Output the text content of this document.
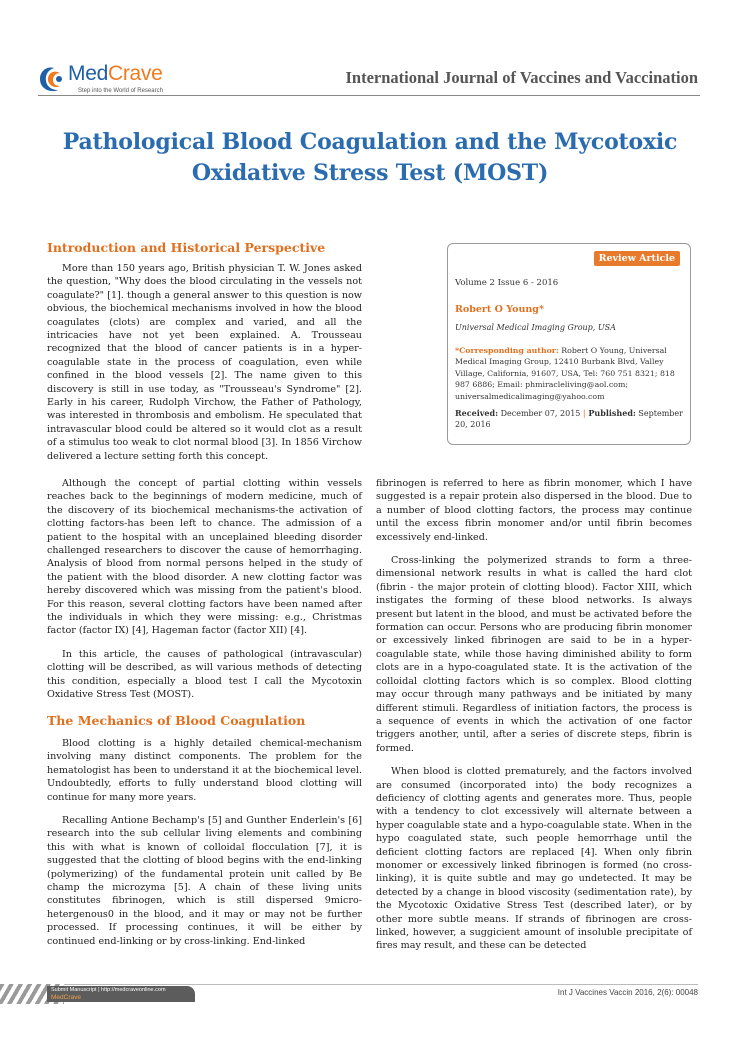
MedCrave
Step into the World of Research
International Journal of Vaccines and Vaccination
Pathological Blood Coagulation and the Mycotoxic Oxidative Stress Test (MOST)
Introduction and Historical Perspective

More than 150 years ago, British physician T. W. Jones asked the question, "Why does the blood circulating in the vessels not coagulate?" [1]. though a general answer to this question is now obvious, the biochemical mechanisms involved in how the blood coagulates (clots) are complex and varied, and all the intricacies have not yet been explained. A. Trousseau recognized that the blood of cancer patients is in a hyper-coagulable state in the process of coagulation, even while confined in the blood vessels [2]. The name given to this discovery is still in use today, as "Trousseau's Syndrome" [2]. Early in his career, Rudolph Virchow, the Father of Pathology, was interested in thrombosis and embolism. He speculated that intravascular blood could be altered so it would clot as a result of a stimulus too weak to clot normal blood [3]. In 1856 Virchow delivered a lecture setting forth this concept.

Review Article
Volume 2 Issue 6 - 2016
Robert O Young*
Universal Medical Imaging Group, USA
*Corresponding author: Robert O Young, Universal Medical Imaging Group, 12410 Burbank Blvd, Valley Village, California, 91607, USA, Tel: 760 751 8321; 818 987 6886; Email: phmiracleliving@aol.com; universalmedicalimaging@yahoo.com
Received: December 07, 2015 | Published: September 20, 2016

Although the concept of partial clotting within vessels reaches back to the beginnings of modern medicine, much of the discovery of its biochemical mechanisms-the activation of clotting factors-has been left to chance. The admission of a patient to the hospital with an unceplained bleeding disorder challenged researchers to discover the cause of hemorrhaging. Analysis of blood from normal persons helped in the study of the patient with the blood disorder. A new clotting factor was hereby discovered which was missing from the patient's blood. For this reason, several clotting factors have been named after the individuals in which they were missing: e.g., Christmas factor (factor IX) [4], Hageman factor (factor XII) [4].

In this article, the causes of pathological (intravascular) clotting will be described, as will various methods of detecting this condition, especially a blood test I call the Mycotoxin Oxidative Stress Test (MOST).

The Mechanics of Blood Coagulation

Blood clotting is a highly detailed chemical-mechanism involving many distinct components. The problem for the hematologist has been to understand it at the biochemical level. Undoubtedly, efforts to fully understand blood clotting will continue for many more years.

Recalling Antione Bechamp's [5] and Gunther Enderlein's [6] research into the sub cellular living elements and combining this with what is known of colloidal flocculation [7], it is suggested that the clotting of blood begins with the end-linking (polymerizing) of the fundamental protein unit called by Be champ the microzyma [5]. A chain of these living units constitutes fibrinogen, which is still dispersed 9micro-hetergenous0 in the blood, and it may or may not be further processed. If processing continues, it will be either by continued end-linking or by cross-linking. End-linked

fibrinogen is referred to here as fibrin monomer, which I have suggested is a repair protein also dispersed in the blood. Due to a number of blood clotting factors, the process may continue until the excess fibrin monomer and/or until fibrin becomes excessively end-linked.

Cross-linking the polymerized strands to form a three-dimensional network results in what is called the hard clot (fibrin - the major protein of clotting blood). Factor XIII, which instigates the forming of these blood networks. Is always present but latent in the blood, and must be activated before the formation can occur. Persons who are producing fibrin monomer or excessively linked fibrinogen are said to be in a hyper-coagulable state, while those having diminished ability to form clots are in a hypo-coagulated state. It is the activation of the colloidal clotting factors which is so complex. Blood clotting may occur through many pathways and be initiated by many different stimuli. Regardless of initiation factors, the process is a sequence of events in which the activation of one factor triggers another, until, after a series of discrete steps, fibrin is formed.

When blood is clotted prematurely, and the factors involved are consumed (incorporated into) the body recognizes a deficiency of clotting agents and generates more. Thus, people with a tendency to clot excessively will alternate between a hyper coagulable state and a hypo-coagulable state. When in the hypo coagulated state, such people hemorrhage until the deficient clotting factors are replaced [4]. When only fibrin monomer or excessively linked fibrinogen is formed (no cross-linking), it is quite subtle and may go undetected. It may be detected by a change in blood viscosity (sedimentation rate), by the Mycotoxic Oxidative Stress Test (described later), or by other more subtle means. If strands of fibrinogen are cross-linked, however, a suggicient amount of insoluble precipitate of fires may result, and these can be detected

Submit Manuscript | http://medcraveonline.com
MedCrave
Int J Vaccines Vaccin 2016, 2(6): 00048
